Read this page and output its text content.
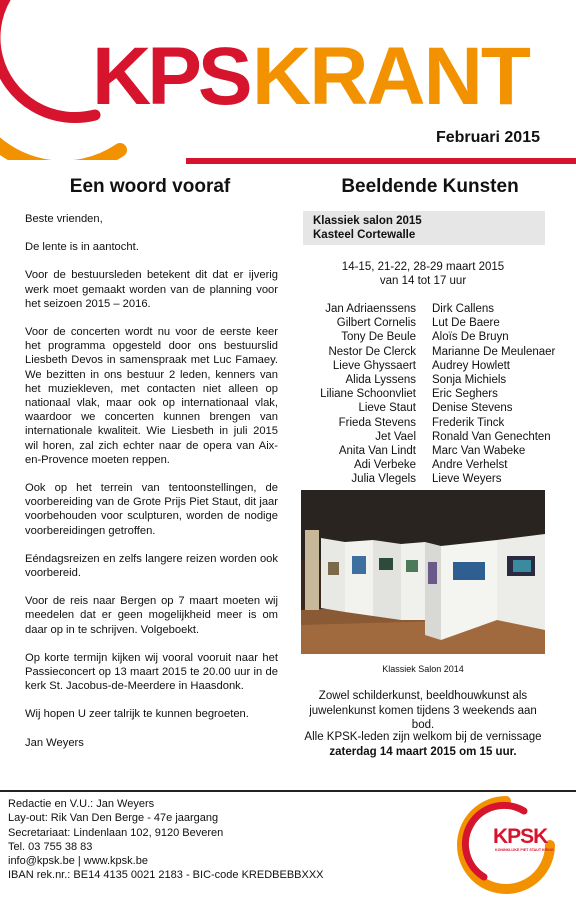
KPS KRANT
Februari 2015
Een woord vooraf

Beste vrienden,

De lente is in aantocht.

Voor de bestuursleden betekent dit dat er ijverig werk moet gemaakt worden van de planning voor het seizoen 2015 – 2016.

Voor de concerten wordt nu voor de eerste keer het programma opgesteld door ons bestuurslid Liesbeth Devos in samenspraak met Luc Famaey. We bezitten in ons bestuur 2 leden, kenners van het muziekleven, met contacten niet alleen op nationaal vlak, maar ook op internationaal vlak, waardoor we concerten kunnen brengen van internationale kwaliteit. Wie Liesbeth in juli 2015 wil horen, zal zich echter naar de opera van Aix-en-Provence moeten reppen.

Ook op het terrein van tentoonstellingen, de voorbereiding van de Grote Prijs Piet Staut, dit jaar voorbehouden voor sculpturen, worden de nodige voorbereidingen getroffen.

Eéndagsreizen en zelfs langere reizen worden ook voorbereid.

Voor de reis naar Bergen op 7 maart moeten wij meedelen dat er geen mogelijkheid meer is om daar op in te schrijven. Volgeboekt.

Op korte termijn kijken wij vooral vooruit naar het Passieconcert op 13 maart 2015 te 20.00 uur in de kerk St. Jacobus-de-Meerdere in Haasdonk.

Wij hopen U zeer talrijk te kunnen begroeten.

Jan Weyers

Beeldende Kunsten
Klassiek salon 2015
Kasteel Cortewalle
14-15, 21-22, 28-29 maart 2015
van 14 tot 17 uur
Jan Adriaenssens
Gilbert Cornelis
Tony De Beule
Nestor De Clerck
Lieve Ghyssaert
Alida Lyssens
Liliane Schoonvliet
Lieve Staut
Frieda Stevens
Jet Vael
Anita Van Lindt
Adi Verbeke
Julia Vlegels
Dirk Callens
Lut De Baere
Aloïs De Bruyn
Marianne De Meulenaer
Audrey Howlett
Sonja Michiels
Eric Seghers
Denise Stevens
Frederik Tinck
Ronald Van Genechten
Marc Van Wabeke
Andre Verhelst
Lieve Weyers
Klassiek Salon 2014
Zowel schilderkunst, beeldhouwkunst als juwelenkunst komen tijdens 3 weekends aan bod.
Alle KPSK-leden zijn welkom bij de vernissage
zaterdag 14 maart 2015 om 15 uur.
Redactie en V.U.: Jan Weyers
Lay-out: Rik Van Den Berge - 47e jaargang
Secretariaat: Lindenlaan 102, 9120 Beveren
Tel. 03 755 38 83
info@kpsk.be | www.kpsk.be
IBAN rek.nr.: BE14 4135 0021 2183 - BIC-code KREDBEBBXXX
KPSK
KONINKLIJKE PIET STAUT KRING
